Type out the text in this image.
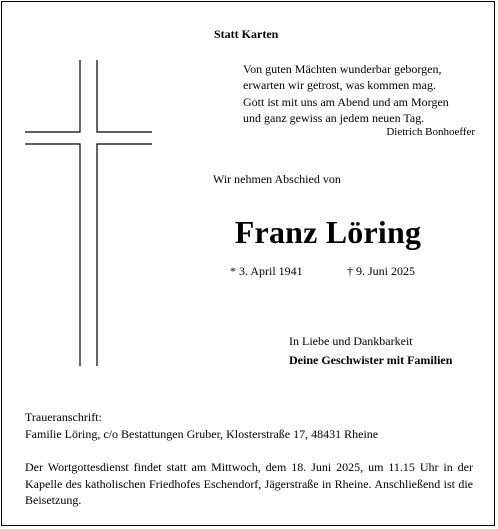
Statt Karten
Von guten Mächten wunderbar geborgen,
erwarten wir getrost, was kommen mag.
Gott ist mit uns am Abend und am Morgen
und ganz gewiss an jedem neuen Tag.
Dietrich Bonhoeffer
Wir nehmen Abschied von
Franz Löring
* 3. April 1941	† 9. Juni 2025
In Liebe und Dankbarkeit
Deine Geschwister mit Familien
Traueranschrift:
Familie Löring, c/o Bestattungen Gruber, Klosterstraße 17, 48431 Rheine
Der Wortgottesdienst findet statt am Mittwoch, dem 18. Juni 2025, um 11.15 Uhr in der Kapelle des katholischen Friedhofes Eschendorf, Jägerstraße in Rheine. Anschließend ist die Beisetzung.
